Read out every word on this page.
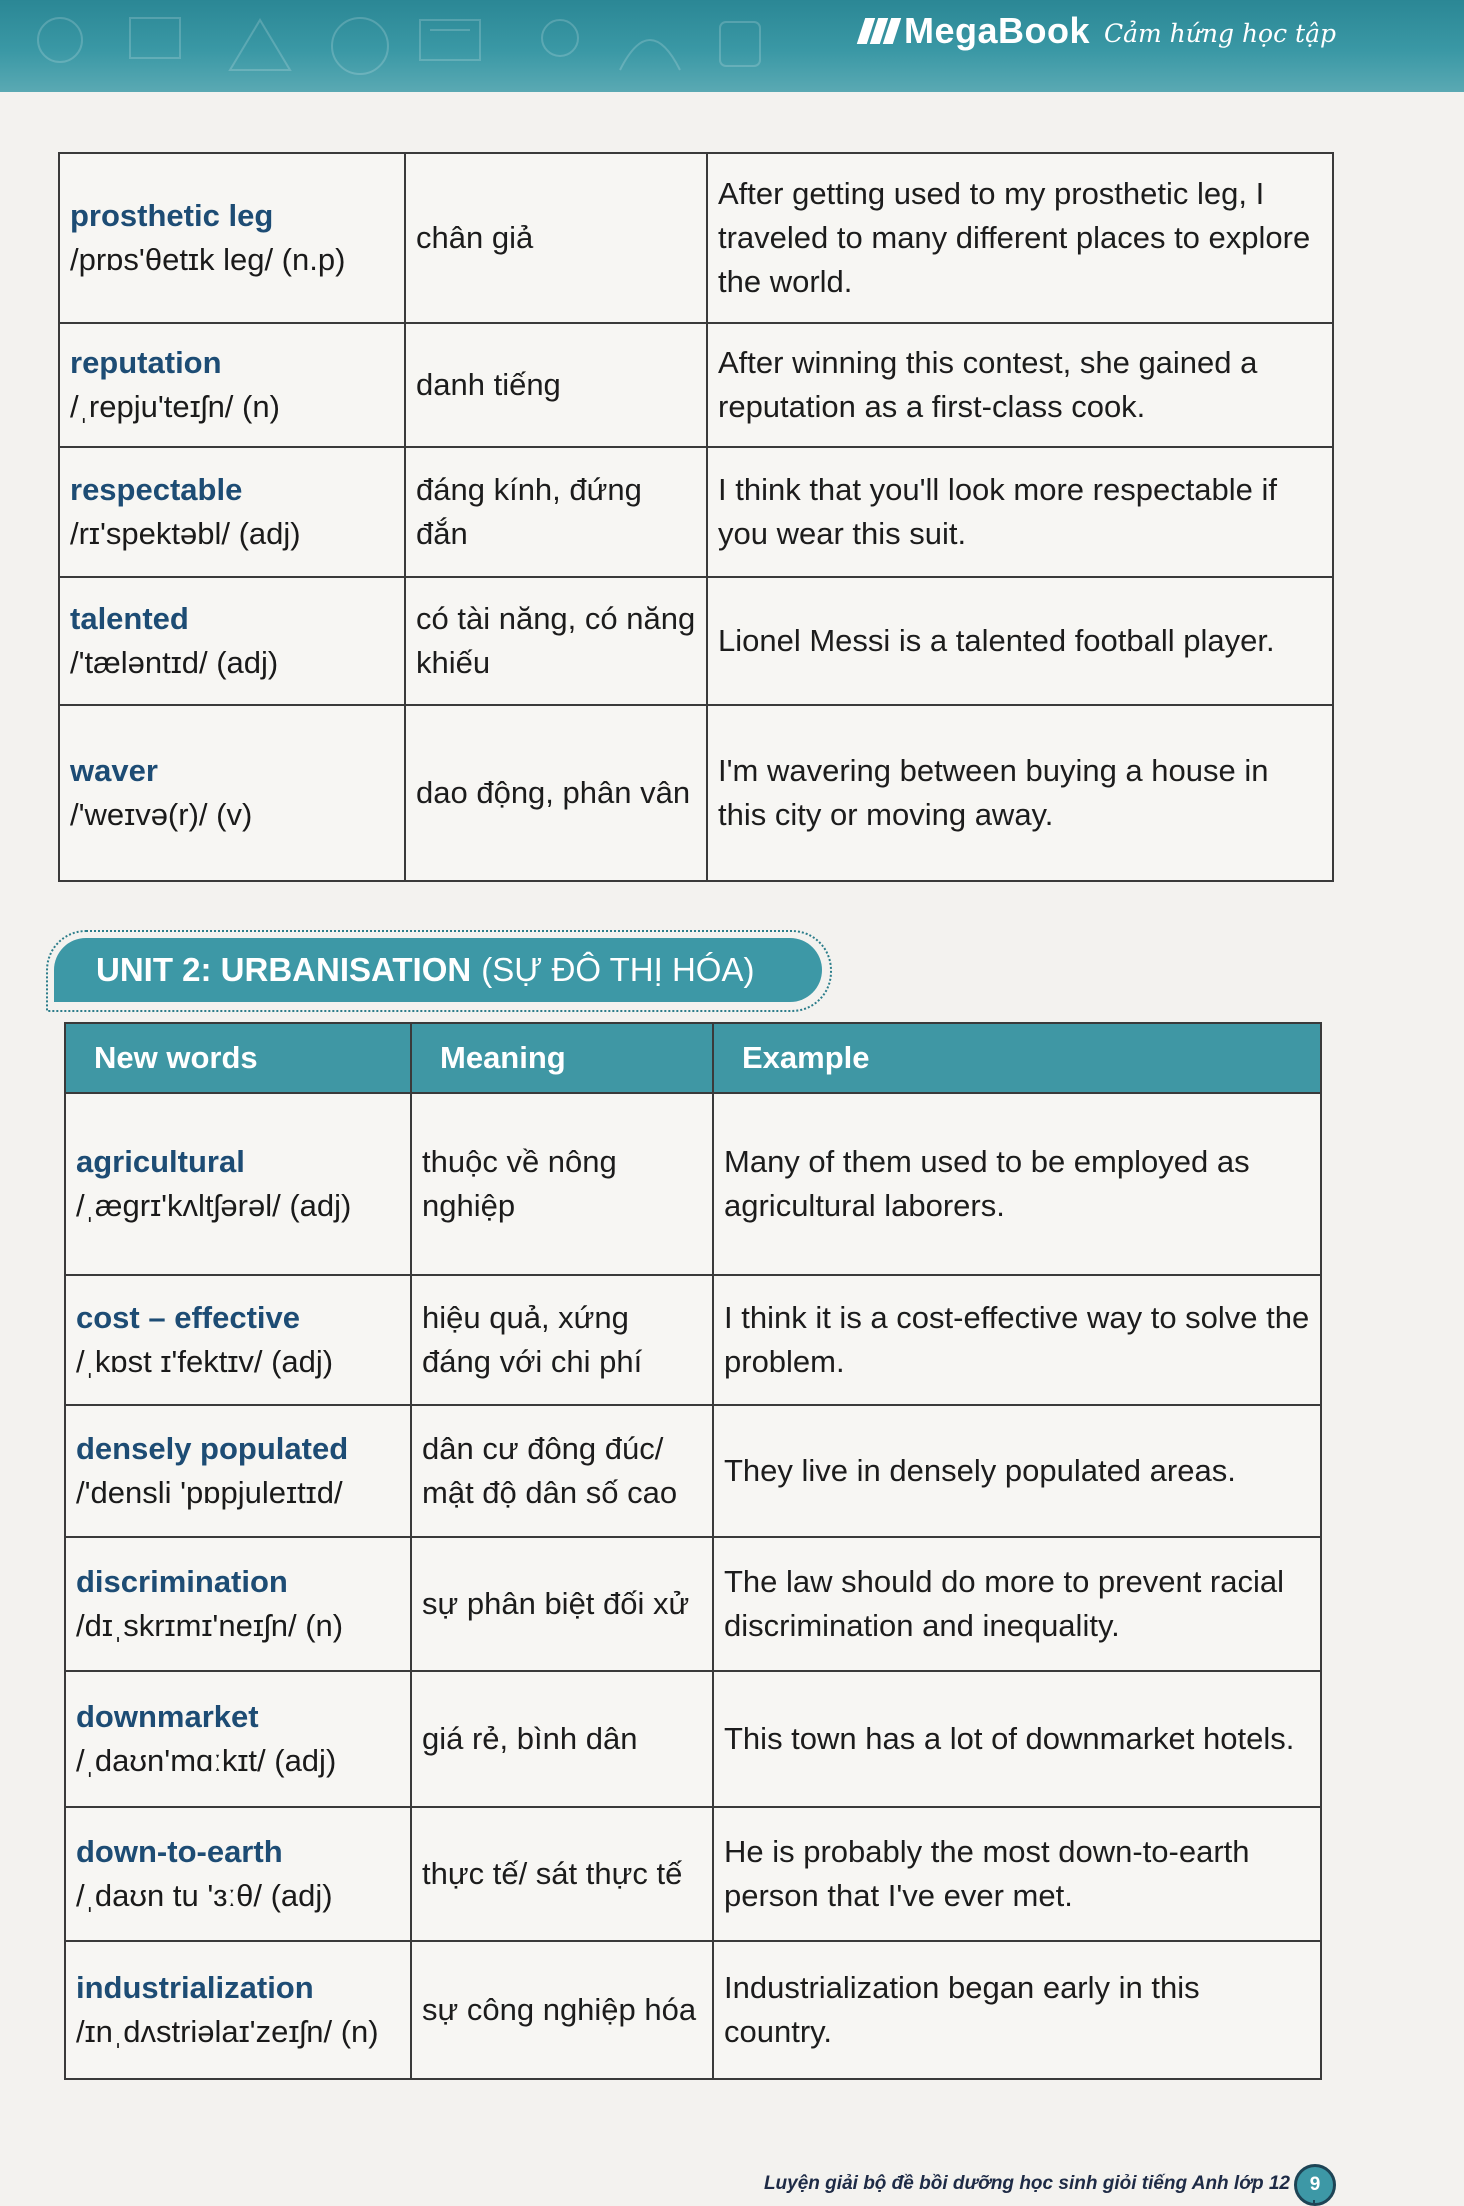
MegaBook Cảm hứng học tập
prosthetic leg
/prɒs'θetɪk leg/ (n.p)	chân giả	After getting used to my prosthetic leg, I traveled to many different places to explore the world.

reputation
/ˌrepju'teɪʃn/ (n)	danh tiếng	After winning this contest, she gained a reputation as a first-class cook.

respectable
/rɪ'spektəbl/ (adj)	đáng kính, đứng đắn	I think that you'll look more respectable if you wear this suit.

talented
/'tæləntɪd/ (adj)	có tài năng, có năng khiếu	Lionel Messi is a talented football player.

waver
/'weɪvə(r)/ (v)	dao động, phân vân	I'm wavering between buying a house in this city or moving away.
UNIT 2: URBANISATION (SỰ ĐÔ THỊ HÓA)
New words	Meaning	Example

agricultural
/ˌægrɪ'kʌltʃərəl/ (adj)	thuộc về nông nghiệp	Many of them used to be employed as agricultural laborers.

cost – effective
/ˌkɒst ɪ'fektɪv/ (adj)	hiệu quả, xứng đáng với chi phí	I think it is a cost-effective way to solve the problem.

densely populated
/'densli 'pɒpjuleɪtɪd/	dân cư đông đúc/ mật độ dân số cao	They live in densely populated areas.

discrimination
/dɪˌskrɪmɪ'neɪʃn/ (n)	sự phân biệt đối xử	The law should do more to prevent racial discrimination and inequality.

downmarket
/ˌdaʊn'mɑːkɪt/ (adj)	giá rẻ, bình dân	This town has a lot of downmarket hotels.

down-to-earth
/ˌdaʊn tu 'ɜːθ/ (adj)	thực tế/ sát thực tế	He is probably the most down-to-earth person that I've ever met.

industrialization
/ɪnˌdʌstriəlaɪ'zeɪʃn/ (n)	sự công nghiệp hóa	Industrialization began early in this country.
Luyện giải bộ đề bồi dưỡng học sinh giỏi tiếng Anh lớp 12	9
